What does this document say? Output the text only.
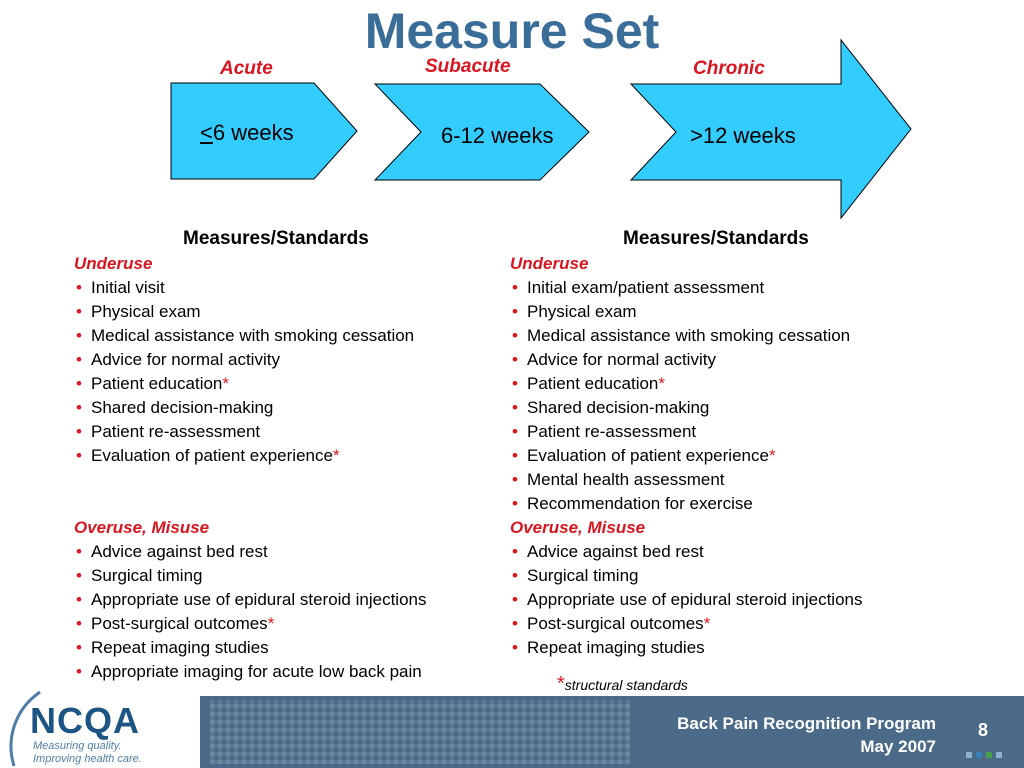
Measure Set
Acute	Subacute	Chronic
<6 weeks	6-12 weeks	>12 weeks
Measures/Standards	Measures/Standards
Underuse
• Initial visit
• Physical exam
• Medical assistance with smoking cessation
• Advice for normal activity
• Patient education*
• Shared decision-making
• Patient re-assessment
• Evaluation of patient experience*
Overuse, Misuse
• Advice against bed rest
• Surgical timing
• Appropriate use of epidural steroid injections
• Post-surgical outcomes*
• Repeat imaging studies
• Appropriate imaging for acute low back pain
Underuse
• Initial exam/patient assessment
• Physical exam
• Medical assistance with smoking cessation
• Advice for normal activity
• Patient education*
• Shared decision-making
• Patient re-assessment
• Evaluation of patient experience*
• Mental health assessment
• Recommendation for exercise
Overuse, Misuse
• Advice against bed rest
• Surgical timing
• Appropriate use of epidural steroid injections
• Post-surgical outcomes*
• Repeat imaging studies
*structural standards
NCQA
Measuring quality.
Improving health care.
Back Pain Recognition Program
May 2007
8
